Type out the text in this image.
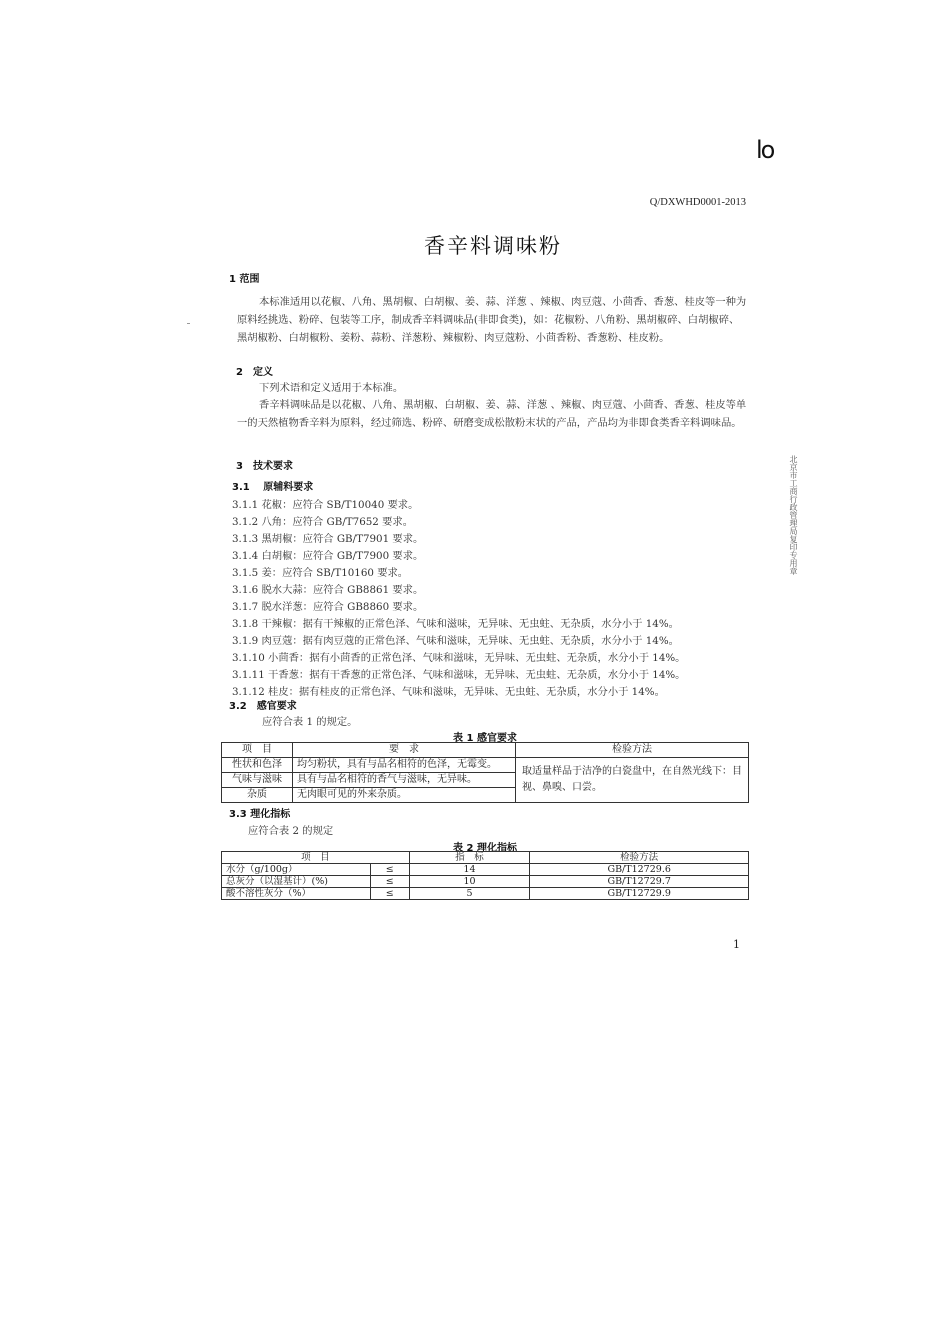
lo
Q/DXWHD0001-2013
香辛料调味粉
1 范围
本标准适用以花椒、八角、黑胡椒、白胡椒、姜、蒜、洋葱 、辣椒、肉豆蔻、小茴香、香葱、桂皮等一种为原料经挑选、粉碎、包装等工序，制成香辛料调味品(非即食类)，如：花椒粉、八角粉、黑胡椒碎、白胡椒碎、黑胡椒粉、白胡椒粉、姜粉、蒜粉、洋葱粉、辣椒粉、肉豆蔻粉、小茴香粉、香葱粉、桂皮粉。
2　定义
下列术语和定义适用于本标准。
香辛料调味品是以花椒、八角、黑胡椒、白胡椒、姜、蒜、洋葱 、辣椒、肉豆蔻、小茴香、香葱、桂皮等单一的天然植物香辛料为原料，经过筛选、粉碎、研磨变成松散粉末状的产品，产品均为非即食类香辛料调味品。
3　技术要求
3.1　 原辅料要求
3.1.1 花椒：应符合 SB/T10040 要求。
3.1.2 八角：应符合 GB/T7652 要求。
3.1.3 黑胡椒：应符合 GB/T7901 要求。
3.1.4 白胡椒：应符合 GB/T7900 要求。
3.1.5 姜：应符合 SB/T10160 要求。
3.1.6 脱水大蒜：应符合 GB8861 要求。
3.1.7 脱水洋葱：应符合 GB8860 要求。
3.1.8 干辣椒：据有干辣椒的正常色泽、气味和滋味，无异味、无虫蛀、无杂质，水分小于 14%。
3.1.9 肉豆蔻：据有肉豆蔻的正常色泽、气味和滋味，无异味、无虫蛀、无杂质，水分小于 14%。
3.1.10 小茴香：据有小茴香的正常色泽、气味和滋味，无异味、无虫蛀、无杂质，水分小于 14%。
3.1.11 干香葱：据有干香葱的正常色泽、气味和滋味，无异味、无虫蛀、无杂质，水分小于 14%。
3.1.12 桂皮：据有桂皮的正常色泽、气味和滋味，无异味、无虫蛀、无杂质，水分小于 14%。
3.2　感官要求
应符合表 1 的规定。
表 1 感官要求
项　目	要　求	检验方法
性状和色泽	均匀粉状，具有与品名相符的色泽，无霉变。	取适量样品于洁净的白瓷盘中，在自然光线下：目视、鼻嗅、口尝。
气味与滋味	具有与品名相符的香气与滋味，无异味。	
杂质	无肉眼可见的外来杂质。	
3.3 理化指标
应符合表 2 的规定
表 2 理化指标
项　目		指　标	检验方法
水分（g/100g）	≤	14	GB/T12729.6
总灰分（以湿基计）(%)	≤	10	GB/T12729.7
酸不溶性灰分（%）	≤	5	GB/T12729.9
北京市工商行政管理局复印专用章
1
